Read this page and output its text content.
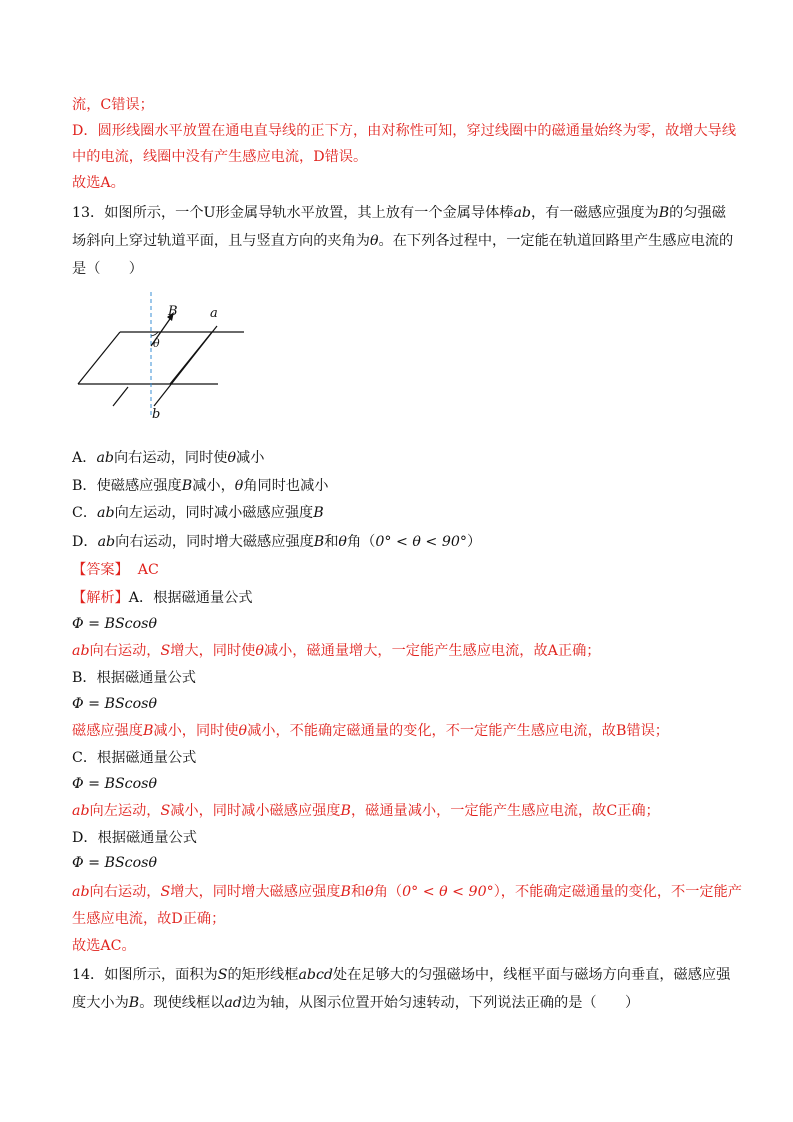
流，C错误；
D．圆形线圈水平放置在通电直导线的正下方，由对称性可知，穿过线圈中的磁通量始终为零，故增大导线
中的电流，线圈中没有产生感应电流，D错误。
故选A。
13．如图所示，一个U形金属导轨水平放置，其上放有一个金属导体棒ab，有一磁感应强度为B的匀强磁
场斜向上穿过轨道平面，且与竖直方向的夹角为θ。在下列各过程中，一定能在轨道回路里产生感应电流的
是（　　）
B a
b
θ
A．ab向右运动，同时使θ减小
B．使磁感应强度B减小，θ角同时也减小
C．ab向左运动，同时减小磁感应强度B
D．ab向右运动，同时增大磁感应强度B和θ角（0° < θ < 90°）
【答案】 AC
【解析】A．根据磁通量公式
Φ = BScosθ
ab向右运动，S增大，同时使θ减小，磁通量增大，一定能产生感应电流，故A正确；
B．根据磁通量公式
Φ = BScosθ
磁感应强度B减小，同时使θ减小，不能确定磁通量的变化，不一定能产生感应电流，故B错误；
C．根据磁通量公式
Φ = BScosθ
ab向左运动，S减小，同时减小磁感应强度B，磁通量减小，一定能产生感应电流，故C正确；
D．根据磁通量公式
Φ = BScosθ
ab向右运动，S增大，同时增大磁感应强度B和θ角（0° < θ < 90°），不能确定磁通量的变化，不一定能产
生感应电流，故D正确；
故选AC。
14．如图所示，面积为S的矩形线框abcd处在足够大的匀强磁场中，线框平面与磁场方向垂直，磁感应强
度大小为B。现使线框以ad边为轴，从图示位置开始匀速转动，下列说法正确的是（　　）
